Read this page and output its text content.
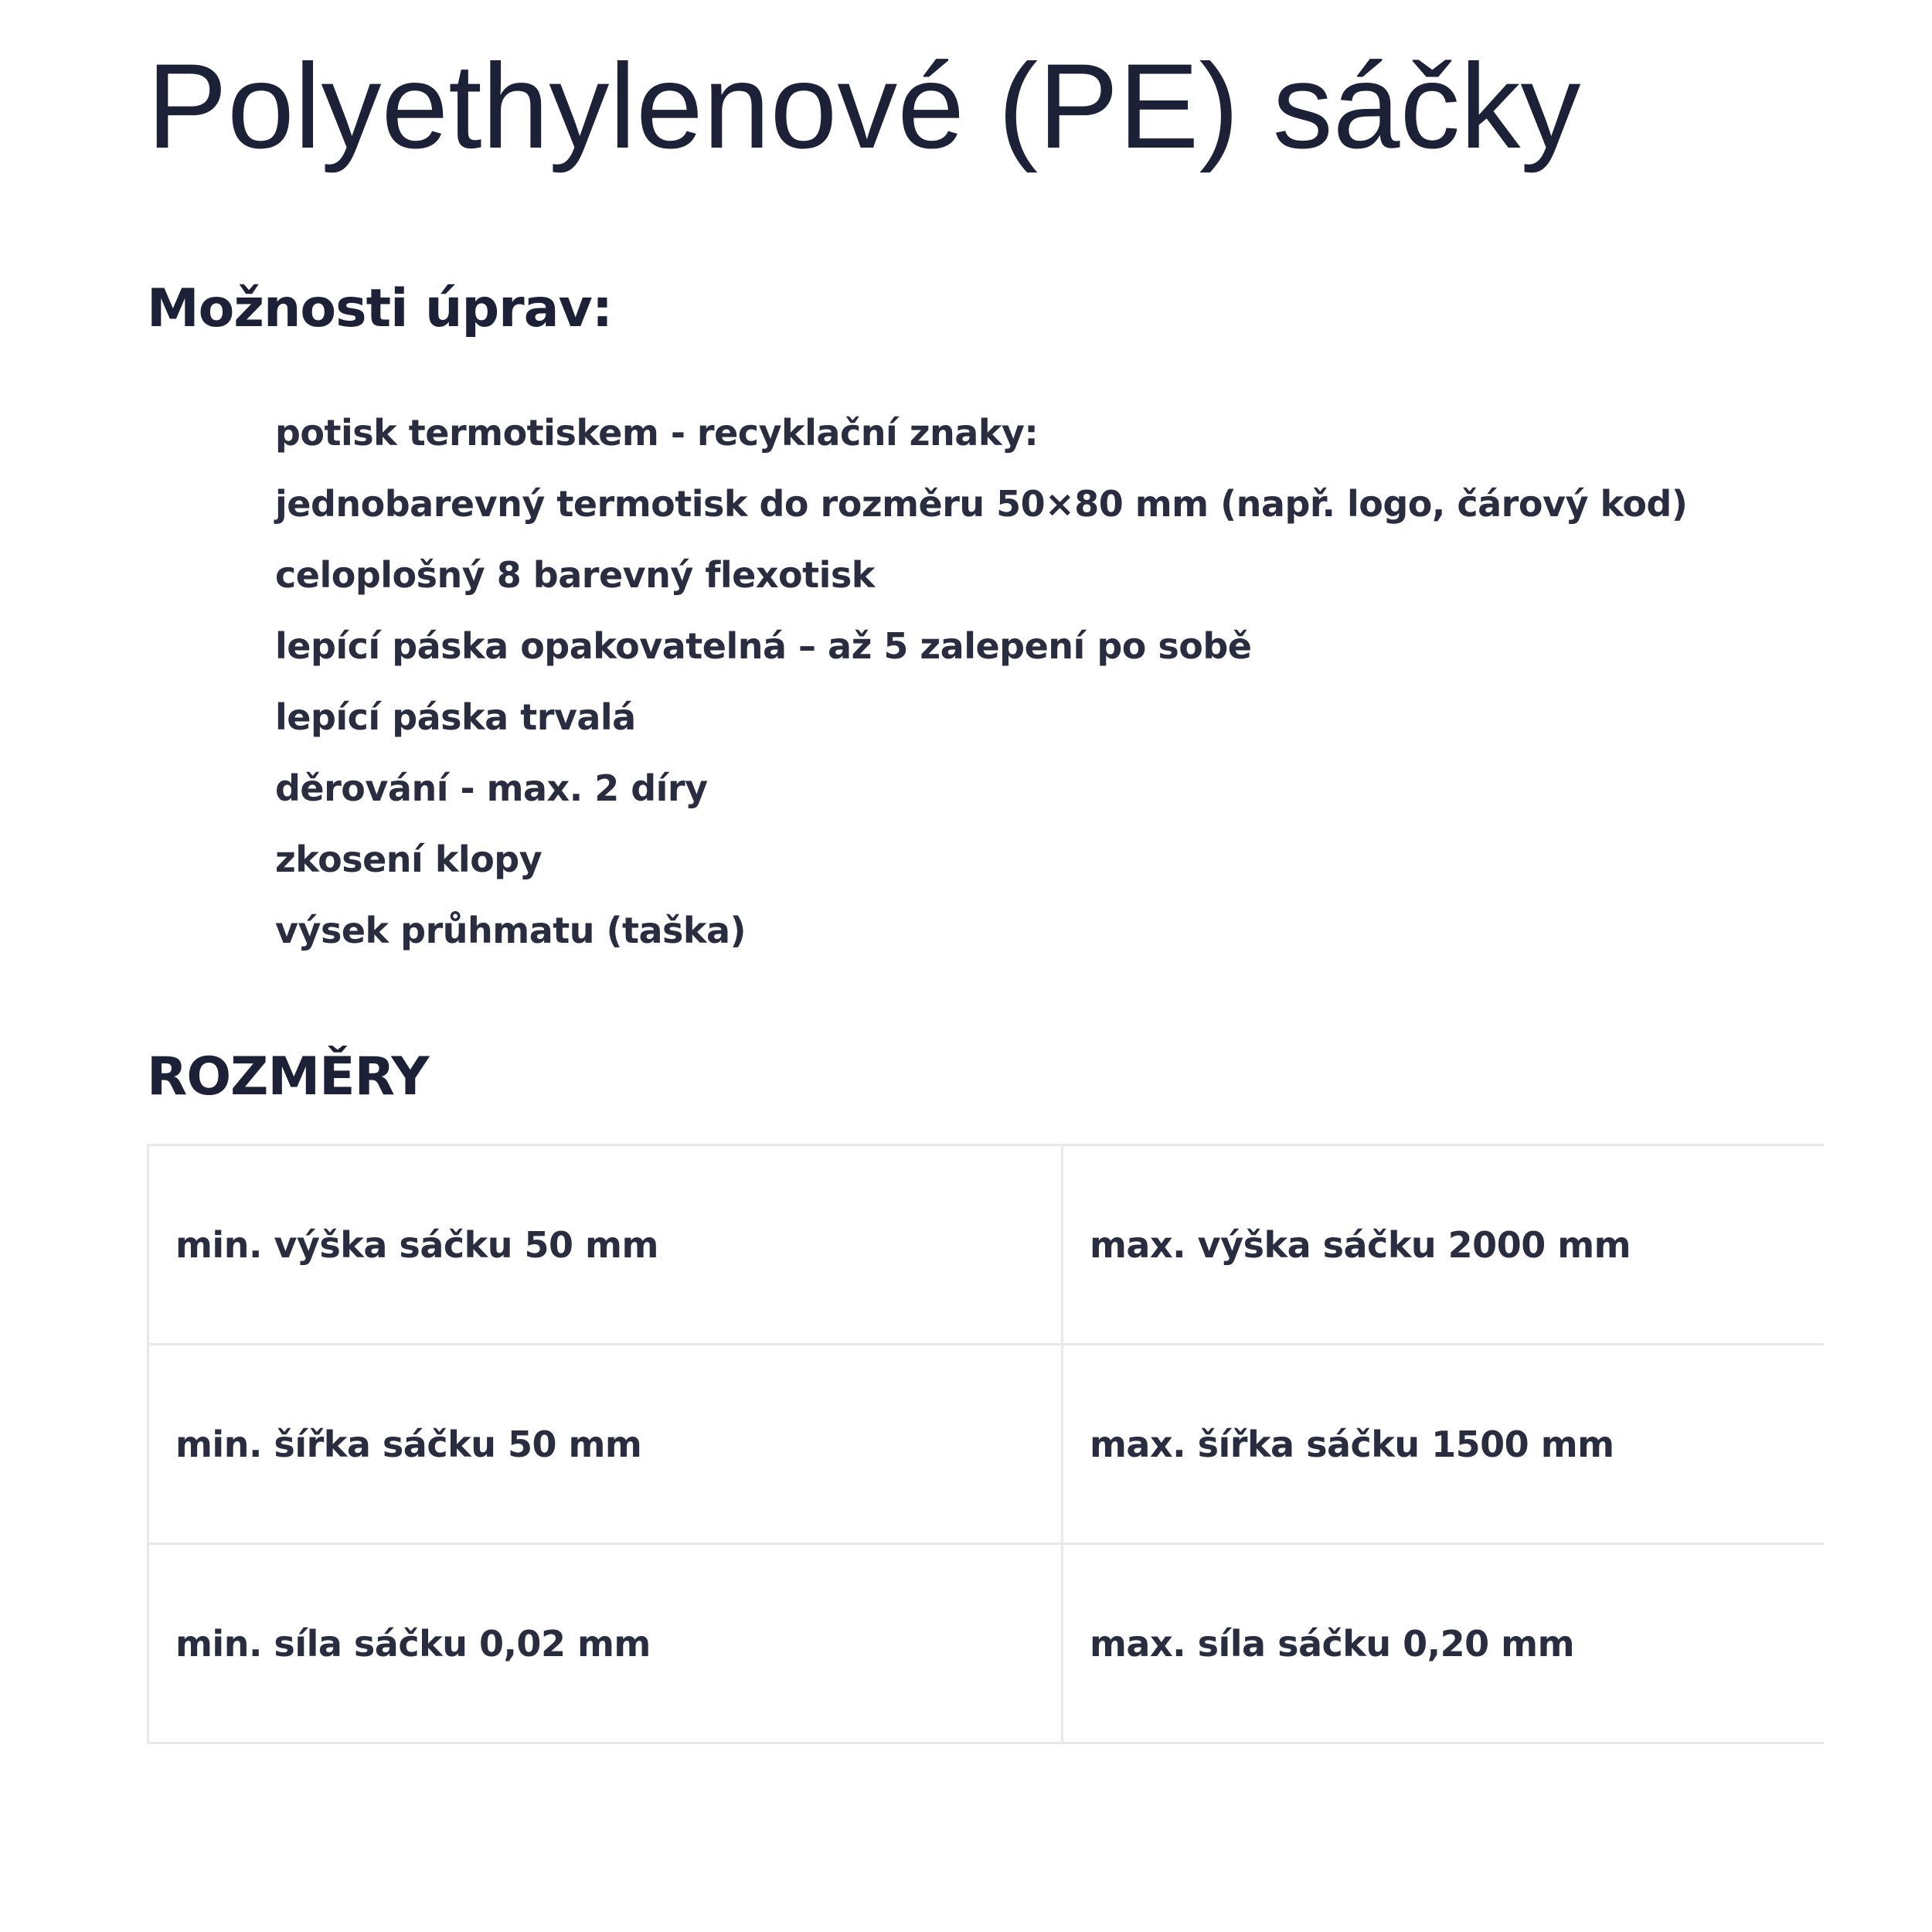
Polyethylenové (PE) sáčky
Možnosti úprav:
potisk termotiskem - recyklační znaky:
jednobarevný termotisk do rozměru 50×80 mm (např. logo, čárový kod)
celoplošný 8 barevný flexotisk
lepící páska opakovatelná – až 5 zalepení po sobě
lepící páska trvalá
děrování - max. 2 díry
zkosení klopy
výsek průhmatu (taška)
ROZMĚRY
min. výška sáčku 50 mm	max. výška sáčku 2000 mm
min. šířka sáčku 50 mm	max. šířka sáčku 1500 mm
min. síla sáčku 0,02 mm	max. síla sáčku 0,20 mm
